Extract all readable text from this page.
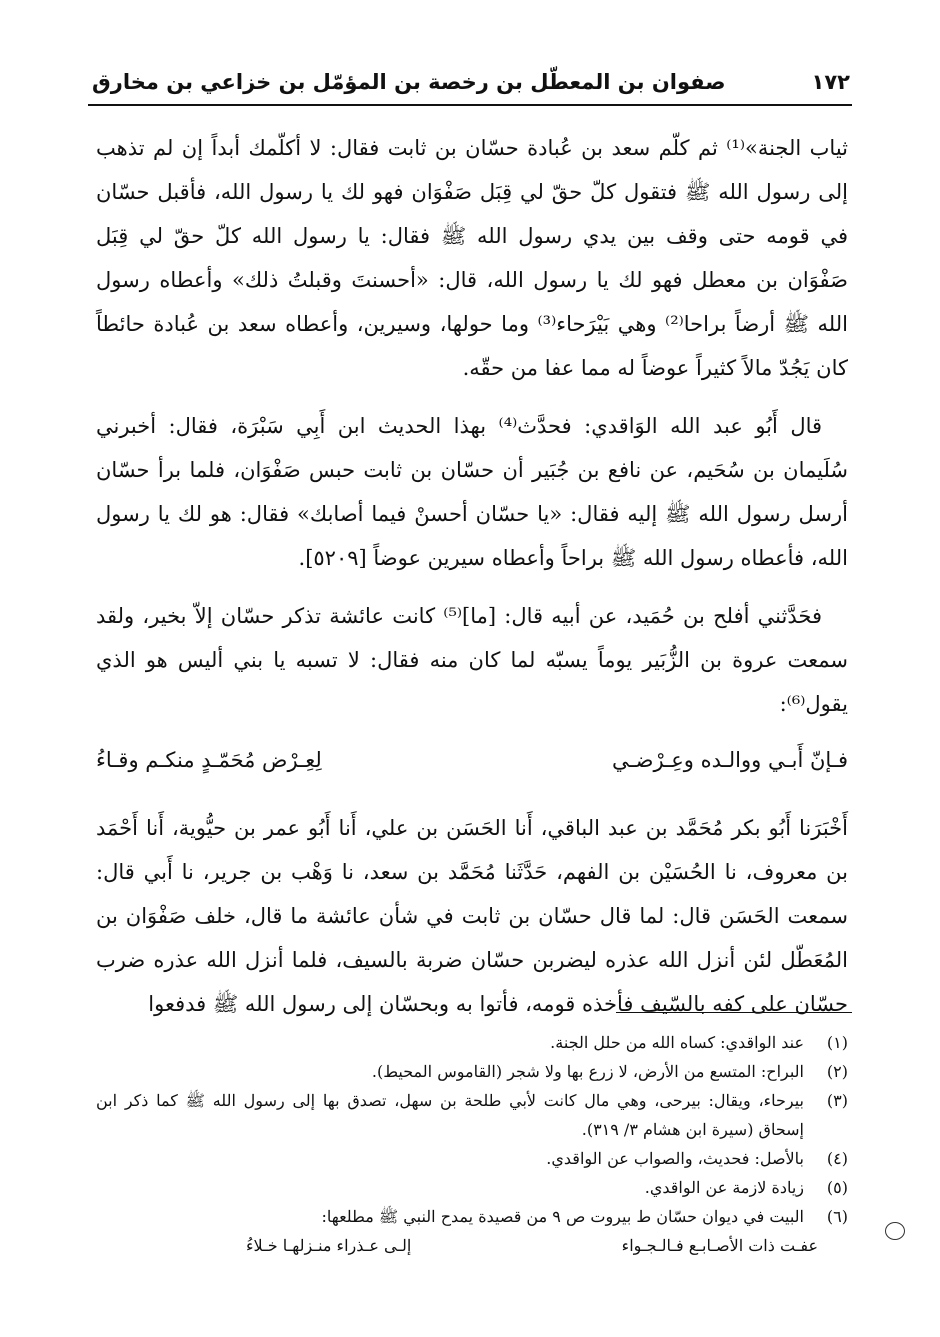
١٧٢
صفوان بن المعطّل بن رخصة بن المؤمّل بن خزاعي بن مخارق

ثياب الجنة»⁽¹⁾ ثم كلّم سعد بن عُبادة حسّان بن ثابت فقال: لا أكلّمك أبداً إن لم تذهب إلى رسول الله ﷺ فتقول كلّ حقّ لي قِبَل صَفْوَان فهو لك يا رسول الله، فأقبل حسّان في قومه حتى وقف بين يدي رسول الله ﷺ فقال: يا رسول الله كلّ حقّ لي قِبَل صَفْوَان بن معطل فهو لك يا رسول الله، قال: «أحسنتَ وقبلتُ ذلك» وأعطاه رسول الله ﷺ أرضاً براحا⁽²⁾ وهي بَيْرَحاء⁽³⁾ وما حولها، وسيرين، وأعطاه سعد بن عُبادة حائطاً كان يَجُدّ مالاً كثيراً عوضاً له مما عفا من حقّه.

قال أَبُو عبد الله الوَاقدي: فحدَّث⁽⁴⁾ بهذا الحديث ابن أَبِي سَبْرَة، فقال: أخبرني سُلَيمان بن سُحَيم، عن نافع بن جُبَير أن حسّان بن ثابت حبس صَفْوَان، فلما برأ حسّان أرسل رسول الله ﷺ إليه فقال: «يا حسّان أحسنْ فيما أصابك» فقال: هو لك يا رسول الله، فأعطاه رسول الله ﷺ براحاً وأعطاه سيرين عوضاً [٥٢٠٩].

فحَدَّثني أفلح بن حُمَيد، عن أبيه قال: [ما]⁽⁵⁾ كانت عائشة تذكر حسّان إلاّ بخير، ولقد سمعت عروة بن الزُّبَير يوماً يسبّه لما كان منه فقال: لا تسبه يا بني أليس هو الذي يقول⁽⁶⁾:

فـإنّ أَبـي ووالـده وعِـرْضـي
لِعِـرْض مُحَمّـدٍ منكـم وقـاءُ

أَخْبَرَنا أَبُو بكر مُحَمَّد بن عبد الباقي، أَنا الحَسَن بن علي، أَنا أَبُو عمر بن حيُّوية، أَنا أَحْمَد بن معروف، نا الحُسَيْن بن الفهم، حَدَّثَنا مُحَمَّد بن سعد، نا وَهْب بن جرير، نا أَبي قال: سمعت الحَسَن قال: لما قال حسّان بن ثابت في شأن عائشة ما قال، خلف صَفْوَان بن المُعَطّل لئن أنزل الله عذره ليضربن حسّان ضربة بالسيف، فلما أنزل الله عذره ضرب حسّان على كفه بالسّيف فأخذه قومه، فأتوا به وبحسّان إلى رسول الله ﷺ فدفعوا

(١)
عند الواقدي: كساه الله من حلل الجنة.
(٢)
البراح: المتسع من الأرض، لا زرع بها ولا شجر (القاموس المحيط).
(٣)
بيرحاء، ويقال: بيرحى، وهي مال كانت لأبي طلحة بن سهل، تصدق بها إلى رسول الله ﷺ كما ذكر ابن إسحاق (سيرة ابن هشام ٣/ ٣١٩).
(٤)
بالأصل: فحديث، والصواب عن الواقدي.
(٥)
زيادة لازمة عن الواقدي.
(٦)
البيت في ديوان حسّان ط بيروت ص ٩ من قصيدة يمدح النبي ﷺ مطلعها:
عفـت ذات الأصـابـع فـالـجـواء
إلـى عـذراء منـزلهـا خـلاءُ
